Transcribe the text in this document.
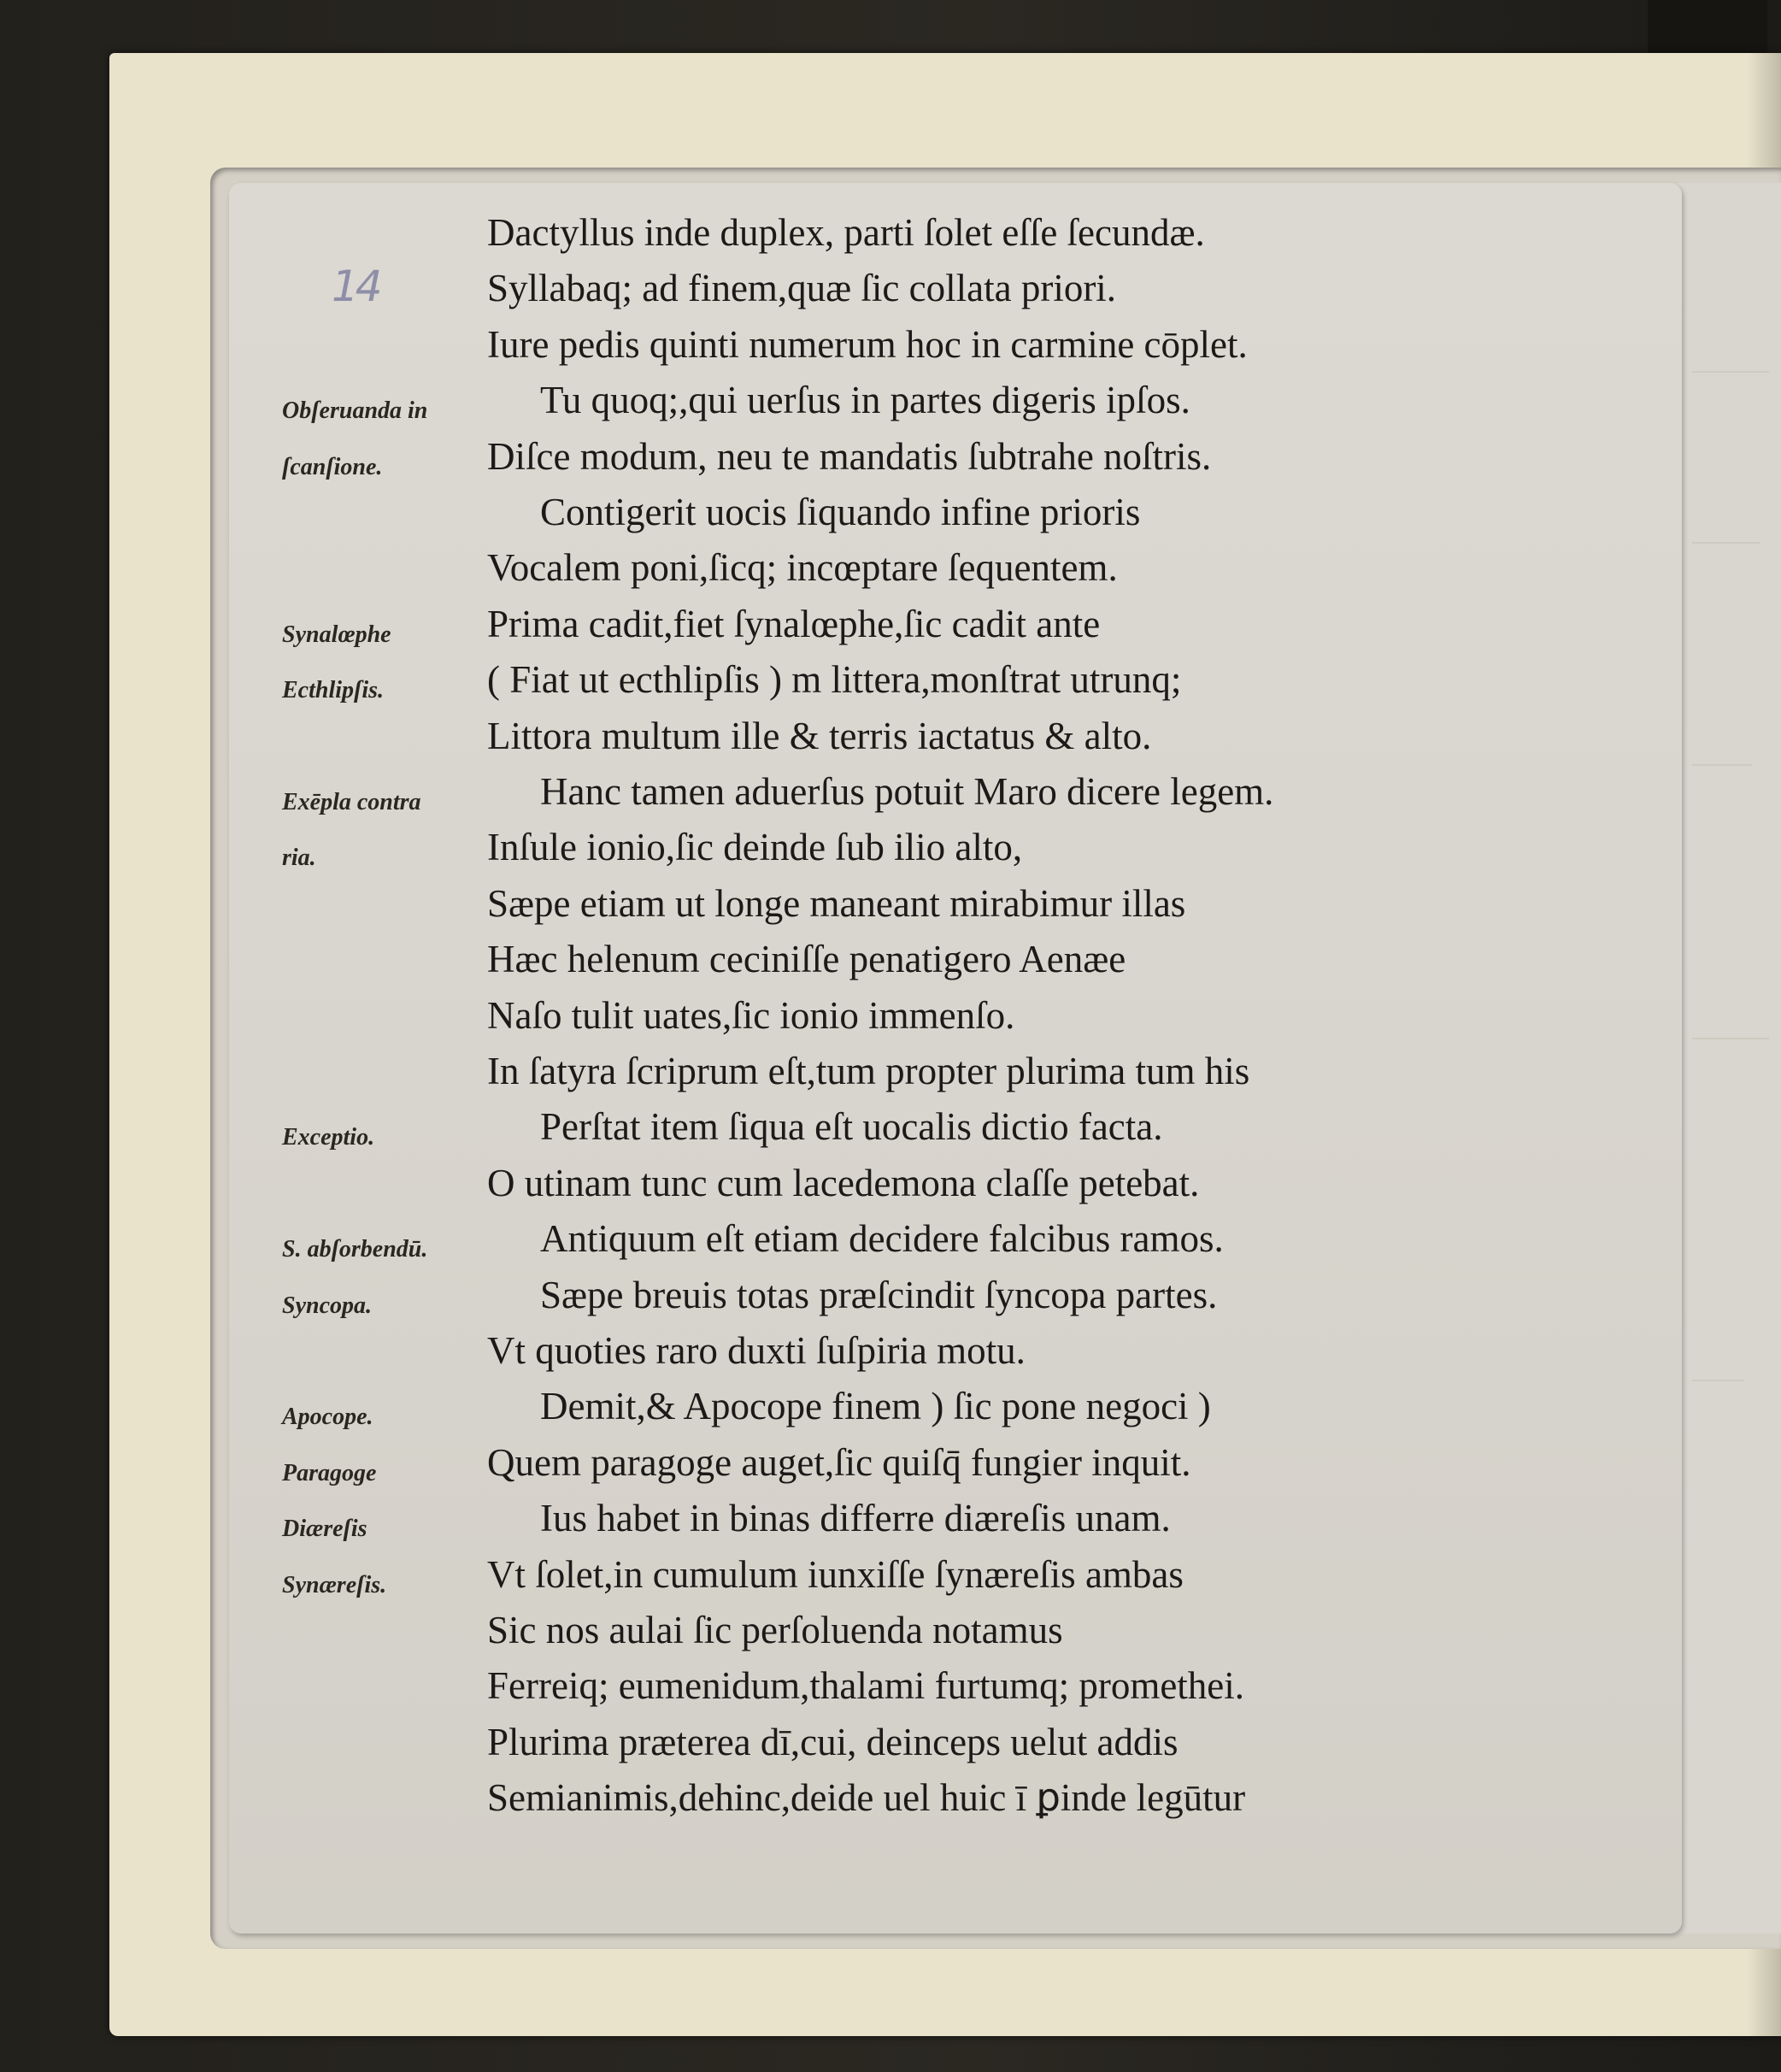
14
Dactyllus inde duplex, parti ſolet eſſe ſecundæ.
Syllabaq; ad finem,quæ ſic collata priori.
Iure pedis quinti numerum hoc in carmine cōplet.
Tu quoq;,qui uerſus in partes digeris ipſos.
Diſce modum, neu te mandatis ſubtrahe noſtris.
Contigerit uocis ſiquando infine prioris
Vocalem poni,ſicq; incœptare ſequentem.
Prima cadit,fiet ſynalœphe,ſic cadit ante
( Fiat ut ecthlipſis ) m littera,monſtrat utrunq;
Littora multum ille & terris iactatus & alto.
Hanc tamen aduerſus potuit Maro dicere legem.
Inſule ionio,ſic deinde ſub ilio alto,
Sæpe etiam ut longe maneant mirabimur illas
Hæc helenum ceciniſſe penatigero Aenæe
Naſo tulit uates,ſic ionio immenſo.
In ſatyra ſcriprum eſt,tum propter plurima tum his
Perſtat item ſiqua eſt uocalis dictio facta.
O utinam tunc cum lacedemona claſſe petebat.
Antiquum eſt etiam decidere falcibus ramos.
Sæpe breuis totas præſcindit ſyncopa partes.
Vt quoties raro duxti ſuſpiria motu.
Demit,& Apocope finem ) ſic pone negoci )
Quem paragoge auget,ſic quiſq̄ fungier inquit.
Ius habet in binas differre diæreſis unam.
Vt ſolet,in cumulum iunxiſſe ſynæreſis ambas
Sic nos aulai ſic perſoluenda notamus
Ferreiq; eumenidum,thalami furtumq; promethei.
Plurima præterea dī,cui, deinceps uelut addis
Semianimis,dehinc,deide uel huic ī ꝑinde legūtur
Obſeruanda in
ſcanſione.
Synalœphe
Ecthlipſis.
Exēpla contra
ria.
Exceptio.
S. abſorbendū.
Syncopa.
Apocope.
Paragoge
Diæreſis
Synæreſis.
